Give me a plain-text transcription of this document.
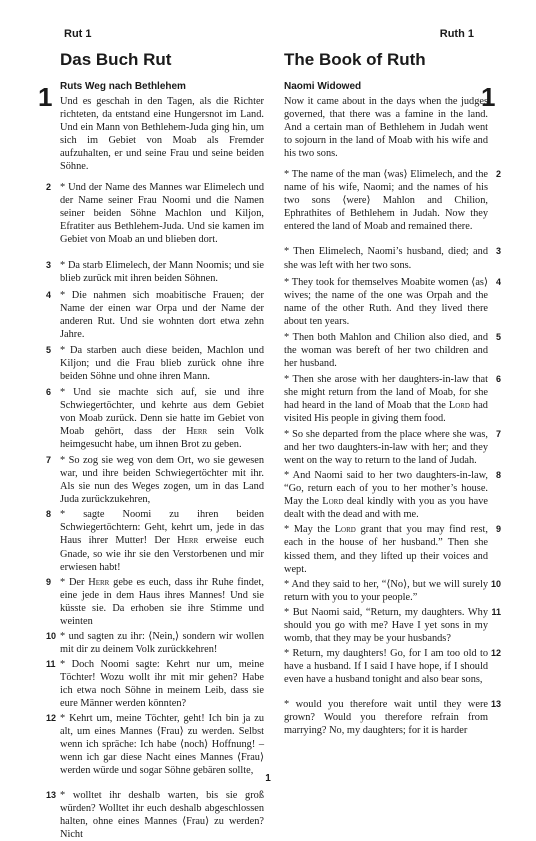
Rut 1	Ruth 1
1	1
Das Buch Rut
Ruts Weg nach Bethlehem

Und es geschah in den Tagen, als die Richter richteten, da entstand eine Hungersnot im Land. Und ein Mann von Bethlehem-Juda ging hin, um sich im Gebiet von Moab als Fremder aufzuhalten, er und seine Frau und seine beiden Söhne.

2 * Und der Name des Mannes war Elimelech und der Name seiner Frau Noomi und die Namen seiner beiden Söhne Machlon und Kiljon, Efratiter aus Bethlehem-Juda. Und sie kamen im Gebiet von Moab an und blieben dort.

3 * Da starb Elimelech, der Mann Noomis; und sie blieb zurück mit ihren beiden Söhnen.

4 * Die nahmen sich moabitische Frauen; der Name der einen war Orpa und der Name der anderen Rut. Und sie wohnten dort etwa zehn Jahre.

5 * Da starben auch diese beiden, Machlon und Kiljon; und die Frau blieb zurück ohne ihre beiden Söhne und ohne ihren Mann.

6 * Und sie machte sich auf, sie und ihre Schwiegertöchter, und kehrte aus dem Gebiet von Moab zurück. Denn sie hatte im Gebiet von Moab gehört, dass der Herr sein Volk heimgesucht habe, um ihnen Brot zu geben.

7 * So zog sie weg von dem Ort, wo sie gewesen war, und ihre beiden Schwiegertöchter mit ihr. Als sie nun des Weges zogen, um in das Land Juda zurückzukehren,

8 * sagte Noomi zu ihren beiden Schwiegertöchtern: Geht, kehrt um, jede in das Haus ihrer Mutter! Der Herr erweise euch Gnade, so wie ihr sie den Verstorbenen und mir erwiesen habt!

9 * Der Herr gebe es euch, dass ihr Ruhe findet, eine jede in dem Haus ihres Mannes! Und sie küsste sie. Da erhoben sie ihre Stimme und weinten

10 * und sagten zu ihr: ⟨Nein,⟩ sondern wir wollen mit dir zu deinem Volk zurückkehren!

11 * Doch Noomi sagte: Kehrt nur um, meine Töchter! Wozu wollt ihr mit mir gehen? Habe ich etwa noch Söhne in meinem Leib, dass sie eure Männer werden könnten?

12 * Kehrt um, meine Töchter, geht! Ich bin ja zu alt, um eines Mannes ⟨Frau⟩ zu werden. Selbst wenn ich spräche: Ich habe ⟨noch⟩ Hoffnung! – wenn ich gar diese Nacht eines Mannes ⟨Frau⟩ werden würde und sogar Söhne gebären sollte,

13 * wolltet ihr deshalb warten, bis sie groß würden? Wolltet ihr euch deshalb abgeschlossen halten, ohne eines Mannes ⟨Frau⟩ zu werden? Nicht

The Book of Ruth
Naomi Widowed

Now it came about in the days when the judges governed, that there was a famine in the land. And a certain man of Bethlehem in Judah went to sojourn in the land of Moab with his wife and his two sons.

2

* The name of the man ⟨was⟩ Elimelech, and the name of his wife, Naomi; and the names of his two sons ⟨were⟩ Mahlon and Chilion, Ephrathites of Bethlehem in Judah. Now they entered the land of Moab and remained there.

3

* Then Elimelech, Naomi’s husband, died; and she was left with her two sons.

4

* They took for themselves Moabite women ⟨as⟩ wives; the name of the one was Orpah and the name of the other Ruth. And they lived there about ten years.

5

* Then both Mahlon and Chilion also died, and the woman was bereft of her two children and her husband.

6

* Then she arose with her daughters-in-law that she might return from the land of Moab, for she had heard in the land of Moab that the Lord had visited His people in giving them food.

7

* So she departed from the place where she was, and her two daughters-in-law with her; and they went on the way to return to the land of Judah.

8

* And Naomi said to her two daughters-in-law, “Go, return each of you to her mother’s house. May the Lord deal kindly with you as you have dealt with the dead and with me.

9

* May the Lord grant that you may find rest, each in the house of her husband.” Then she kissed them, and they lifted up their voices and wept.

10

* And they said to her, “⟨No⟩, but we will surely return with you to your people.”

11

* But Naomi said, “Return, my daughters. Why should you go with me? Have I yet sons in my womb, that they may be your husbands?

12

* Return, my daughters! Go, for I am too old to have a husband. If I said I have hope, if I should even have a husband tonight and also bear sons,

13

* would you therefore wait until they were grown? Would you therefore refrain from marrying? No, my daughters; for it is harder

1
